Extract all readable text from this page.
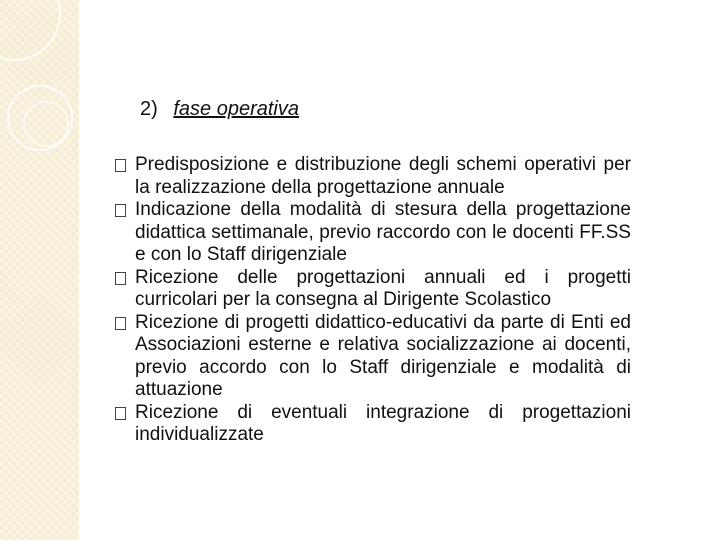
2) fase operativa
Predisposizione e distribuzione degli schemi operativi per la realizzazione della progettazione annuale
Indicazione della modalità di stesura della progettazione didattica settimanale, previo raccordo con le docenti FF.SS e con lo Staff dirigenziale
Ricezione delle progettazioni annuali ed i progetti curricolari per la consegna al Dirigente Scolastico
Ricezione di progetti didattico-educativi da parte di Enti ed Associazioni esterne e relativa socializzazione ai docenti, previo accordo con lo Staff dirigenziale e modalità di attuazione
Ricezione di eventuali integrazione di progettazioni individualizzate
